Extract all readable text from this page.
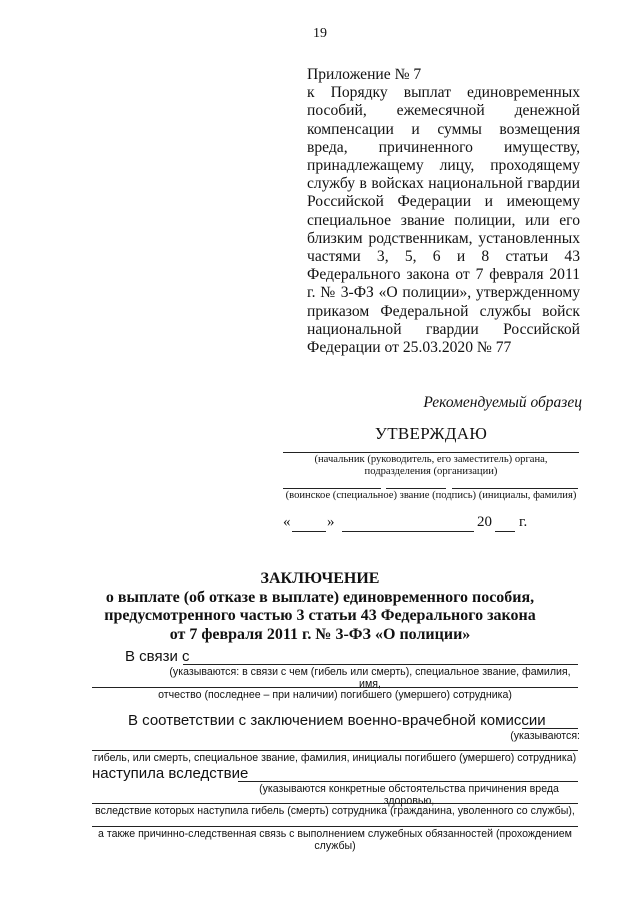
19
Приложение № 7
к Порядку выплат единовременных пособий, ежемесячной денежной компенсации и суммы возмещения вреда, причиненного имуществу, принадлежащему лицу, проходящему службу в войсках национальной гвардии Российской Федерации и имеющему специальное звание полиции, или его близким родственникам, установленных частями 3, 5, 6 и 8 статьи 43 Федерального закона от 7 февраля 2011 г. № 3-ФЗ «О полиции», утвержденному приказом Федеральной службы войск национальной гвардии Российской Федерации от 25.03.2020 № 77
Рекомендуемый образец
УТВЕРЖДАЮ
(начальник (руководитель, его заместитель) органа, подразделения (организации)
(воинское (специальное) звание (подпись) (инициалы, фамилия)
« »	20 г.
ЗАКЛЮЧЕНИЕ
о выплате (об отказе в выплате) единовременного пособия,
предусмотренного частью 3 статьи 43 Федерального закона
от 7 февраля 2011 г. № 3-ФЗ «О полиции»
В связи с
(указываются: в связи с чем (гибель или смерть), специальное звание, фамилия, имя,
отчество (последнее – при наличии) погибшего (умершего) сотрудника)
В соответствии с заключением военно-врачебной комиссии
(указываются:
гибель, или смерть, специальное звание, фамилия, инициалы погибшего (умершего) сотрудника)
наступила вследствие
(указываются конкретные обстоятельства причинения вреда здоровью,
вследствие которых наступила гибель (смерть) сотрудника (гражданина, уволенного со службы),
а также причинно-следственная связь с выполнением служебных обязанностей (прохождением службы)
